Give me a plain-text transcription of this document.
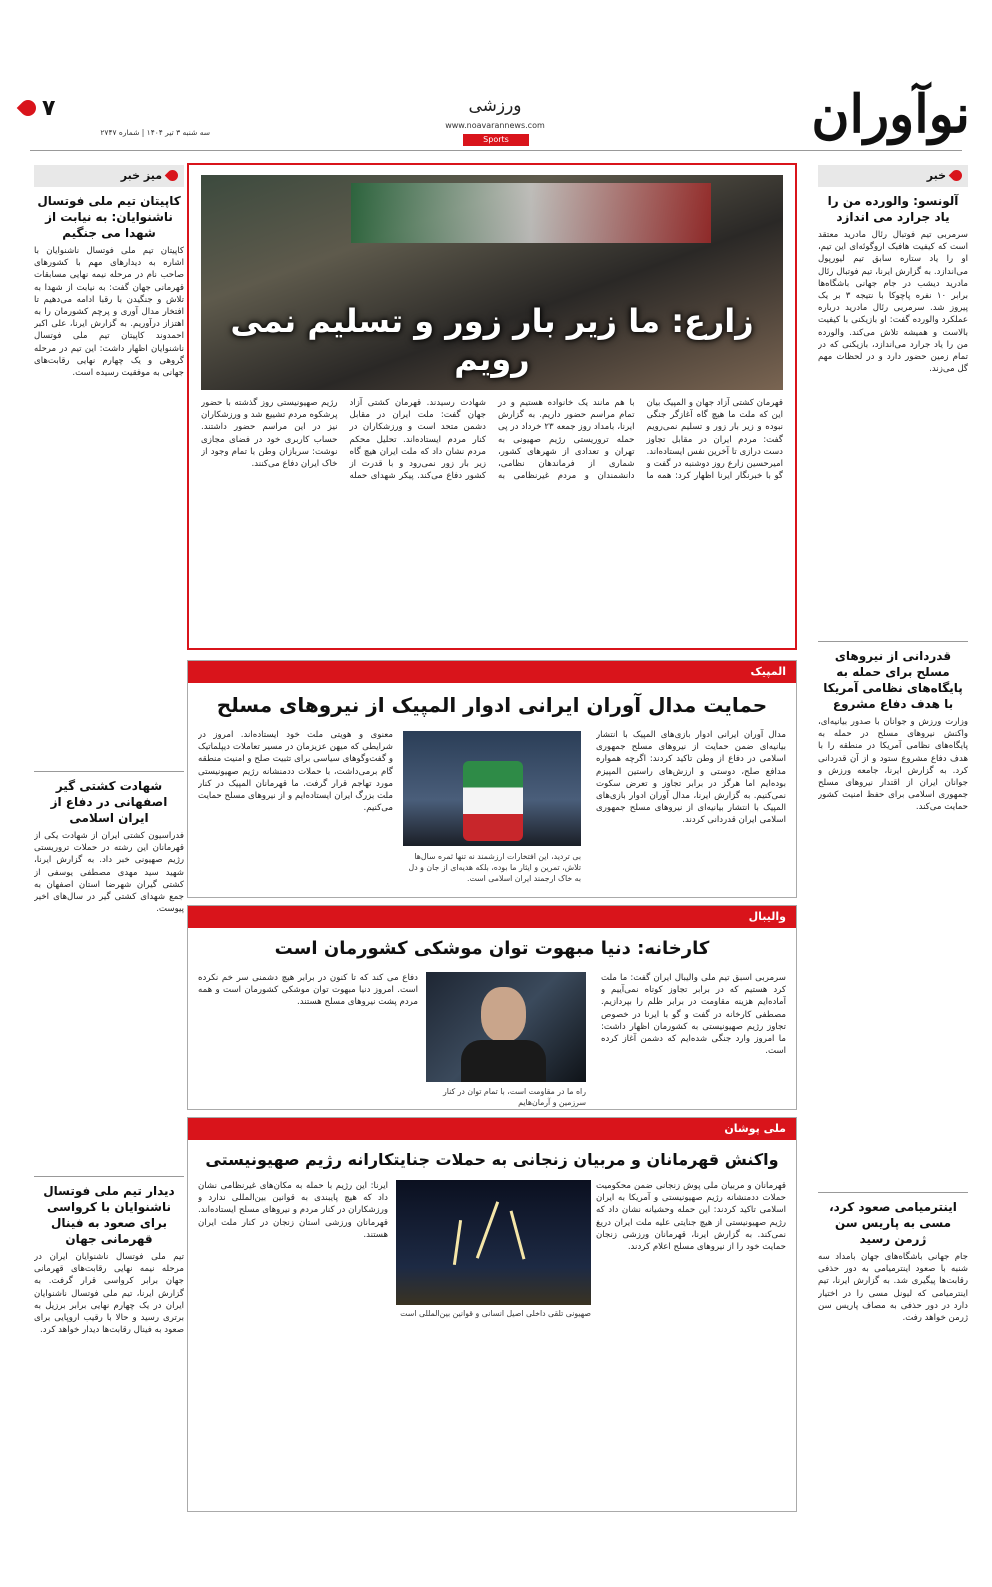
۷
سه شنبه ۳ تیر ۱۴۰۴ | شماره ۲۷۴۷
ورزشی
www.noavarannews.com
Sports	نوآوران
خبر
آلونسو: والورده من را یاد جرارد می اندازد
سرمربی تیم فوتبال رئال مادرید معتقد است که کیفیت هافبک اروگوئه‌ای این تیم، او را یاد ستاره سابق تیم لیورپول می‌اندازد. به گزارش ایرنا، تیم فوتبال رئال مادرید دیشب در جام جهانی باشگاه‌ها برابر ۱۰ نفره پاچوکا با نتیجه ۳ بر یک پیروز شد. سرمربی رئال مادرید درباره عملکرد والورده گفت: او بازیکنی با کیفیت بالاست و همیشه تلاش می‌کند. والورده من را یاد جرارد می‌اندازد، بازیکنی که در تمام زمین حضور دارد و در لحظات مهم گل می‌زند.
قدردانی از نیروهای مسلح برای حمله به پایگاه‌های نظامی آمریکا با هدف دفاع مشروع
وزارت ورزش و جوانان با صدور بیانیه‌ای، واکنش نیروهای مسلح در حمله به پایگاه‌های نظامی آمریکا در منطقه را با هدف دفاع مشروع ستود و از آن قدردانی کرد. به گزارش ایرنا، جامعه ورزش و جوانان ایران از اقتدار نیروهای مسلح جمهوری اسلامی برای حفظ امنیت کشور حمایت می‌کند.
اینترمیامی صعود کرد، مسی به پاریس سن ژرمن رسید
جام جهانی باشگاه‌های جهان بامداد سه شنبه با صعود اینترمیامی به دور حذفی رقابت‌ها پیگیری شد. به گزارش ایرنا، تیم اینترمیامی که لیونل مسی را در اختیار دارد در دور حذفی به مصاف پاریس سن ژرمن خواهد رفت.
میز خبر
کاپیتان تیم ملی فوتسال ناشنوایان: به نیابت از شهدا می جنگیم
کاپیتان تیم ملی فوتسال ناشنوایان با اشاره به دیدارهای مهم با کشورهای صاحب نام در مرحله نیمه نهایی مسابقات قهرمانی جهان گفت: به نیابت از شهدا به تلاش و جنگیدن با رقبا ادامه می‌دهیم تا افتخار مدال آوری و پرچم کشورمان را به اهتزاز درآوریم. به گزارش ایرنا، علی اکبر احمدوند کاپیتان تیم ملی فوتسال ناشنوایان اظهار داشت: این تیم در مرحله گروهی و یک چهارم نهایی رقابت‌های جهانی به موفقیت رسیده است.
شهادت کشتی گیر اصفهانی در دفاع از ایران اسلامی
فدراسیون کشتی ایران از شهادت یکی از قهرمانان این رشته در حملات تروریستی رژیم صهیونی خبر داد. به گزارش ایرنا، شهید سید مهدی مصطفی یوسفی از کشتی گیران شهرضا استان اصفهان به جمع شهدای کشتی گیر در سال‌های اخیر پیوست.
دیدار تیم ملی فوتسال ناشنوایان با کرواسی برای صعود به فینال قهرمانی جهان
تیم ملی فوتسال ناشنوایان ایران در مرحله نیمه نهایی رقابت‌های قهرمانی جهان برابر کرواسی قرار گرفت. به گزارش ایرنا، تیم ملی فوتسال ناشنوایان ایران در یک چهارم نهایی برابر برزیل به برتری رسید و حالا با رقیب اروپایی برای صعود به فینال رقابت‌ها دیدار خواهد کرد.
زارع: ما زیر بار زور و تسلیم نمی رویم
قهرمان کشتی آزاد جهان و المپیک بیان این که ملت ما هیچ گاه آغازگر جنگی نبوده و زیر بار زور و تسلیم نمی‌رویم گفت: مردم ایران در مقابل تجاوز دست درازی تا آخرین نفس ایستاده‌اند. امیرحسین زارع روز دوشنبه در گفت و گو با خبرنگار ایرنا اظهار کرد: همه ما با هم مانند یک خانواده هستیم و در تمام مراسم حضور داریم. به گزارش ایرنا، بامداد روز جمعه ۲۳ خرداد در پی حمله تروریستی رژیم صهیونی به تهران و تعدادی از شهرهای کشور، شماری از فرماندهان نظامی، دانشمندان و مردم غیرنظامی به شهادت رسیدند. قهرمان کشتی آزاد جهان گفت: ملت ایران در مقابل دشمن متحد است و ورزشکاران در کنار مردم ایستاده‌اند. تحلیل محکم مردم نشان داد که ملت ایران هیچ گاه زیر بار زور نمی‌رود و با قدرت از کشور دفاع می‌کند. پیکر شهدای حمله رژیم صهیونیستی روز گذشته با حضور پرشکوه مردم تشییع شد و ورزشکاران نیز در این مراسم حضور داشتند. حساب کاربری خود در فضای مجازی نوشت: سربازان وطن با تمام وجود از خاک ایران دفاع می‌کنند.
المپیک
حمایت مدال آوران ایرانی ادوار المپیک از نیروهای مسلح
مدال آوران ایرانی ادوار بازی‌های المپیک با انتشار بیانیه‌ای ضمن حمایت از نیروهای مسلح جمهوری اسلامی در دفاع از وطن تاکید کردند: اگرچه همواره مدافع صلح، دوستی و ارزش‌های راستین المپیزم بوده‌ایم اما هرگز در برابر تجاوز و تعرض سکوت نمی‌کنیم. به گزارش ایرنا، مدال آوران ادوار بازی‌های المپیک با انتشار بیانیه‌ای از نیروهای مسلح جمهوری اسلامی ایران قدردانی کردند.
بی تردید، این افتخارات ارزشمند نه تنها ثمره سال‌ها تلاش، تمرین و ایثار ما بوده، بلکه هدیه‌ای از جان و دل به خاک ارجمند ایران اسلامی است.
معنوی و هویتی ملت خود ایستاده‌اند. امروز در شرایطی که میهن عزیزمان در مسیر تعاملات دیپلماتیک و گفت‌وگوهای سیاسی برای تثبیت صلح و امنیت منطقه گام برمی‌داشت، با حملات ددمنشانه رژیم صهیونیستی مورد تهاجم قرار گرفت. ما قهرمانان المپیک در کنار ملت بزرگ ایران ایستاده‌ایم و از نیروهای مسلح حمایت می‌کنیم.
والیبال
کارخانه: دنیا مبهوت توان موشکی کشورمان است
سرمربی اسبق تیم ملی والیبال ایران گفت: ما ملت کرد هستیم که در برابر تجاوز کوتاه نمی‌آییم و آماده‌ایم هزینه مقاومت در برابر ظلم را بپردازیم. مصطفی کارخانه در گفت و گو با ایرنا در خصوص تجاوز رژیم صهیونیستی به کشورمان اظهار داشت: ما امروز وارد جنگی شده‌ایم که دشمن آغاز کرده است.
راه‌ ما در مقاومت است، با تمام توان در کنار سرزمین و آرمان‌هایم
دفاع می کند که تا کنون در برابر هیچ دشمنی سر خم نکرده است. امروز دنیا مبهوت توان موشکی کشورمان است و همه مردم پشت نیروهای مسلح هستند.
ملی پوشان
واکنش قهرمانان و مربیان زنجانی به حملات جنایتکارانه رژیم صهیونیستی
قهرمانان و مربیان ملی پوش زنجانی ضمن محکومیت حملات ددمنشانه رژیم صهیونیستی و آمریکا به ایران اسلامی تاکید کردند: این حمله وحشیانه نشان داد که رژیم صهیونیستی از هیچ جنایتی علیه ملت ایران دریغ نمی‌کند. به گزارش ایرنا، قهرمانان ورزشی زنجان حمایت خود را از نیروهای مسلح اعلام کردند.
صهیونی تلقی داخلی اصیل انسانی و قوانین بین‌المللی است
ایرنا: این رژیم با حمله به مکان‌های غیرنظامی نشان داد که هیچ پایبندی به قوانین بین‌المللی ندارد و ورزشکاران در کنار مردم و نیروهای مسلح ایستاده‌اند. قهرمانان ورزشی استان زنجان در کنار ملت ایران هستند.
